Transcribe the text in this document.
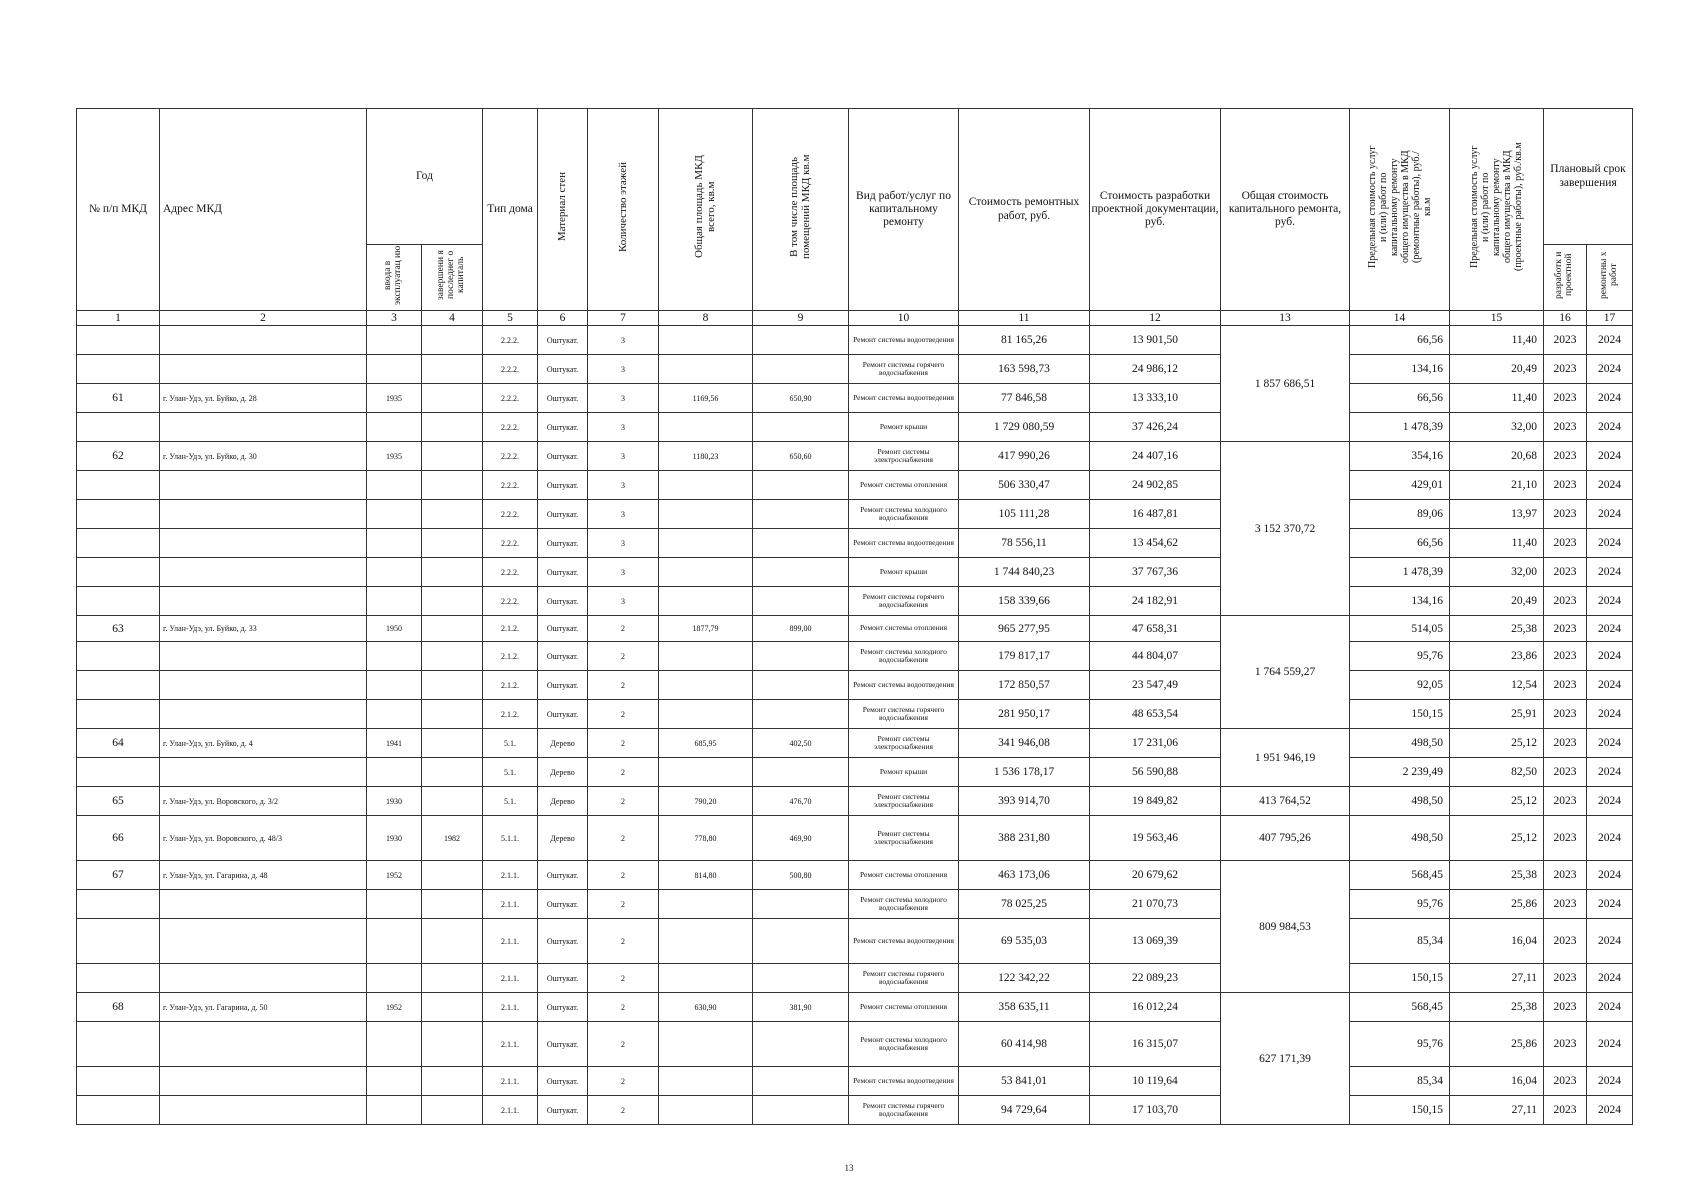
№ п/п МКД	Адрес МКД	Год		Тип дома	Материал стен	Количество этажей	Общая площадь МКД всего, кв.м	В том числе площадь помещений МКД кв.м	Вид работ/услуг по капитальному ремонту	Стоимость ремонтных работ, руб.	Стоимость разработки проектной документации, руб.	Общая стоимость капитального ремонта, руб.	Предельная стоимость услуг и (или) работ по капитальному ремонту общего имущества в МКД (ремонтные работы), руб./кв.м	Предельная стоимость услуг и (или) работ по капитальному ремонту общего имущества в МКД (проектные работы), руб./кв.м	Плановый срок завершения	
		ввода в эксплуатац ию	завершени я последнег о капиталь												разработк и проектной	ремонтны х работ
1	2	3	4	5	6	7	8	9	10	11	12	13	14	15	16	17
				2.2.2.	Оштукат.	3			Ремонт системы водоотведения	81 165,26	13 901,50	1 857 686,51	66,56	11,40	2023	2024
				2.2.2.	Оштукат.	3			Ремонт системы горячего водоснабжения	163 598,73	24 986,12		134,16	20,49	2023	2024
61	г. Улан-Удэ, ул. Буйко, д. 28	1935		2.2.2.	Оштукат.	3	1169,56	650,90	Ремонт системы водоотведения	77 846,58	13 333,10		66,56	11,40	2023	2024
				2.2.2.	Оштукат.	3			Ремонт крыши	1 729 080,59	37 426,24		1 478,39	32,00	2023	2024
62	г. Улан-Удэ, ул. Буйко, д. 30	1935		2.2.2.	Оштукат.	3	1180,23	650,60	Ремонт системы электроснабжения	417 990,26	24 407,16	3 152 370,72	354,16	20,68	2023	2024
				2.2.2.	Оштукат.	3			Ремонт системы отопления	506 330,47	24 902,85		429,01	21,10	2023	2024
				2.2.2.	Оштукат.	3			Ремонт системы холодного водоснабжения	105 111,28	16 487,81		89,06	13,97	2023	2024
				2.2.2.	Оштукат.	3			Ремонт системы водоотведения	78 556,11	13 454,62		66,56	11,40	2023	2024
				2.2.2.	Оштукат.	3			Ремонт крыши	1 744 840,23	37 767,36		1 478,39	32,00	2023	2024
				2.2.2.	Оштукат.	3			Ремонт системы горячего водоснабжения	158 339,66	24 182,91		134,16	20,49	2023	2024
63	г. Улан-Удэ, ул. Буйко, д. 33	1950		2.1.2.	Оштукат.	2	1877,79	899,00	Ремонт системы отопления	965 277,95	47 658,31	1 764 559,27	514,05	25,38	2023	2024
				2.1.2.	Оштукат.	2			Ремонт системы холодного водоснабжения	179 817,17	44 804,07		95,76	23,86	2023	2024
				2.1.2.	Оштукат.	2			Ремонт системы водоотведения	172 850,57	23 547,49		92,05	12,54	2023	2024
				2.1.2.	Оштукат.	2			Ремонт системы горячего водоснабжения	281 950,17	48 653,54		150,15	25,91	2023	2024
64	г. Улан-Удэ, ул. Буйко, д. 4	1941		5.1.	Дерево	2	685,95	402,50	Ремонт системы электроснабжения	341 946,08	17 231,06	1 951 946,19	498,50	25,12	2023	2024
				5.1.	Дерево	2			Ремонт крыши	1 536 178,17	56 590,88		2 239,49	82,50	2023	2024
65	г. Улан-Удэ, ул. Воровского, д. 3/2	1930		5.1.	Дерево	2	790,20	476,70	Ремонт системы электроснабжения	393 914,70	19 849,82	413 764,52	498,50	25,12	2023	2024
66	г. Улан-Удэ, ул. Воровского, д. 48/3	1930	1982	5.1.1.	Дерево	2	778,80	469,90	Ремонт системы электроснабжения	388 231,80	19 563,46	407 795,26	498,50	25,12	2023	2024
67	г. Улан-Удэ, ул. Гагарина, д. 48	1952		2.1.1.	Оштукат.	2	814,80	500,80	Ремонт системы отопления	463 173,06	20 679,62	809 984,53	568,45	25,38	2023	2024
				2.1.1.	Оштукат.	2			Ремонт системы холодного водоснабжения	78 025,25	21 070,73		95,76	25,86	2023	2024
				2.1.1.	Оштукат.	2			Ремонт системы водоотведения	69 535,03	13 069,39		85,34	16,04	2023	2024
				2.1.1.	Оштукат.	2			Ремонт системы горячего водоснабжения	122 342,22	22 089,23		150,15	27,11	2023	2024
68	г. Улан-Удэ, ул. Гагарина, д. 50	1952		2.1.1.	Оштукат.	2	630,90	381,90	Ремонт системы отопления	358 635,11	16 012,24	627 171,39	568,45	25,38	2023	2024
				2.1.1.	Оштукат.	2			Ремонт системы холодного водоснабжения	60 414,98	16 315,07		95,76	25,86	2023	2024
				2.1.1.	Оштукат.	2			Ремонт системы водоотведения	53 841,01	10 119,64		85,34	16,04	2023	2024
				2.1.1.	Оштукат.	2			Ремонт системы горячего водоснабжения	94 729,64	17 103,70		150,15	27,11	2023	2024
13
